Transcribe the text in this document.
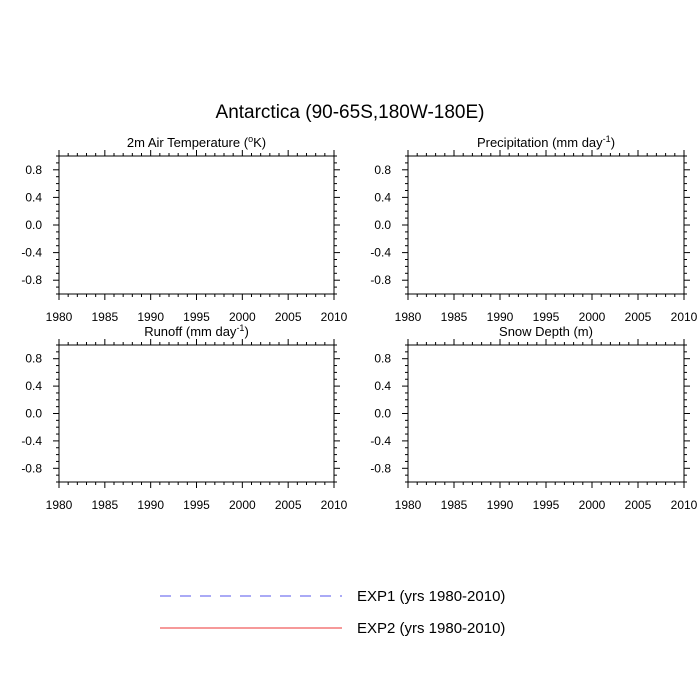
Antarctica (90-65S,180W-180E)
2m Air Temperature ($^o$K)
1980 1985 1990 1995 2000 2005 2010
0.8
0.4
0.0
-0.4
-0.8
Precipitation (mm day$^{-1}$)
1980 1985 1990 1995 2000 2005 2010
0.8
0.4
0.0
-0.4
-0.8
Runoff (mm day$^{-1}$)
1980 1985 1990 1995 2000 2005 2010
0.8
0.4
0.0
-0.4
-0.8
Snow Depth (m)
1980 1985 1990 1995 2000 2005 2010
0.8
0.4
0.0
-0.4
-0.8
EXP1 (yrs 1980-2010)
EXP2 (yrs 1980-2010)
